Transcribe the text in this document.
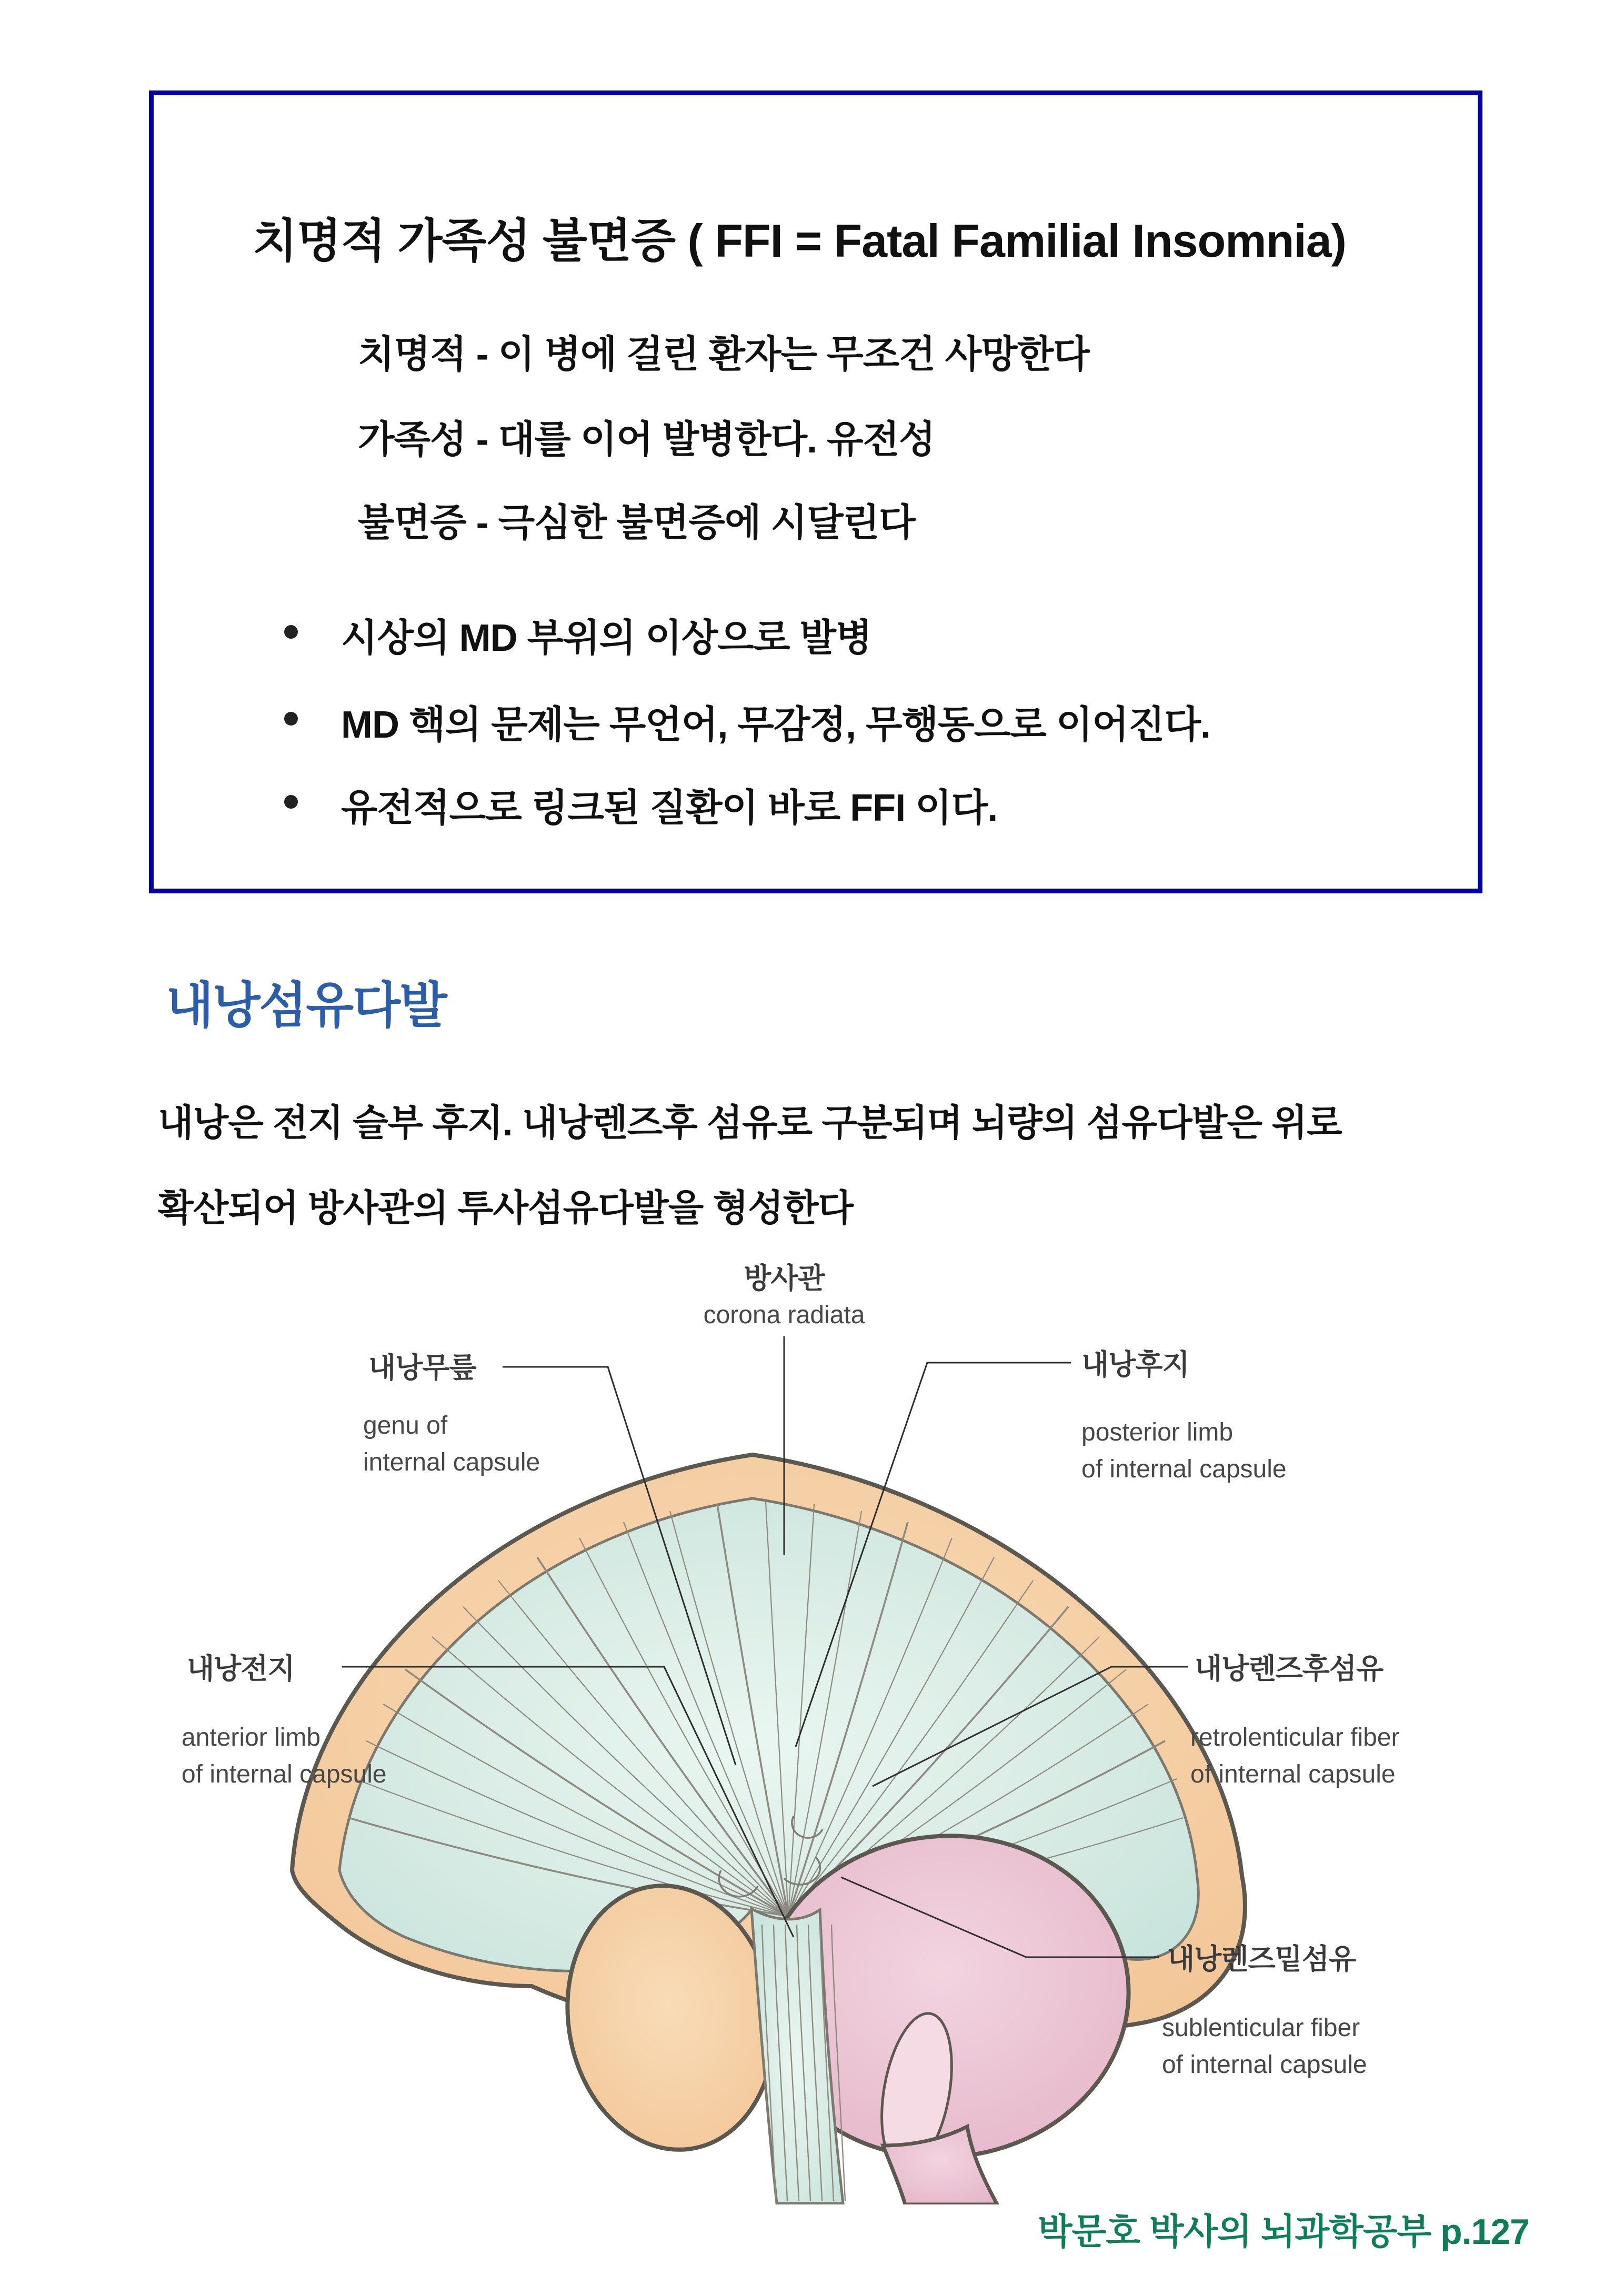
치명적 가족성 불면증 ( FFI = Fatal Familial Insomnia)
치명적 - 이 병에 걸린 환자는 무조건 사망한다
가족성 - 대를 이어 발병한다. 유전성
불면증 - 극심한 불면증에 시달린다
시상의 MD 부위의 이상으로 발병
MD 핵의 문제는 무언어, 무감정, 무행동으로 이어진다.
유전적으로 링크된 질환이 바로 FFI 이다.
내낭섬유다발
내낭은 전지 슬부 후지. 내낭렌즈후 섬유로 구분되며 뇌량의 섬유다발은 위로
확산되어 방사관의 투사섬유다발을 형성한다
방사관
corona radiata
내낭무릎
genu of
internal capsule
내낭후지
posterior limb
of internal capsule
내낭전지
anterior limb
of internal capsule
내낭렌즈후섬유
retrolenticular fiber
of internal capsule
내낭렌즈밑섬유
sublenticular fiber
of internal capsule
박문호 박사의 뇌과학공부 p.127
